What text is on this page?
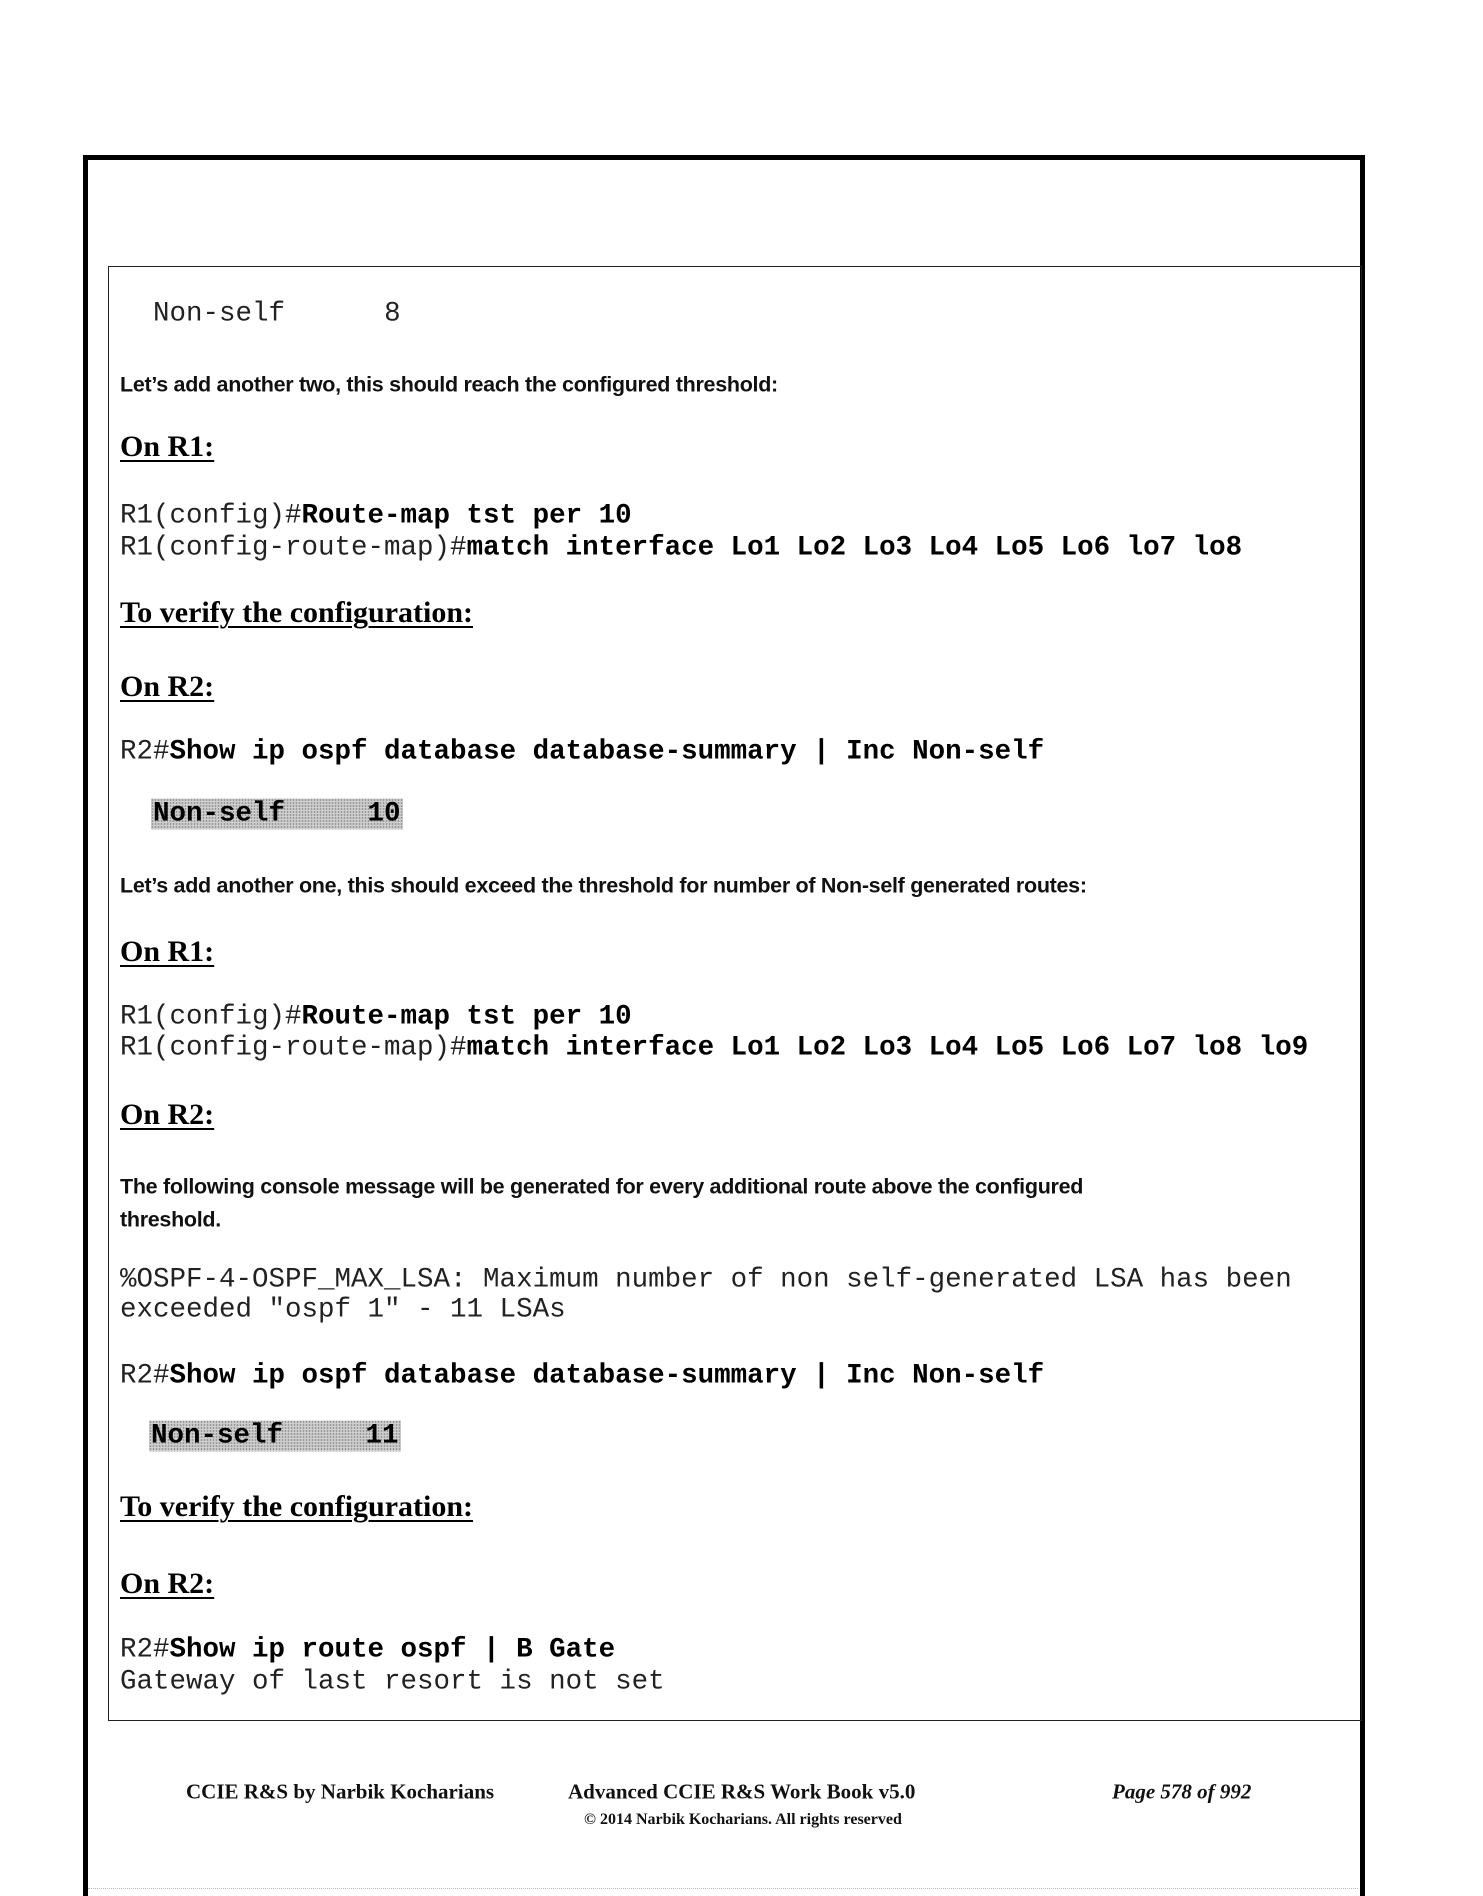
Non-self	8
Let’s add another two, this should reach the configured threshold:
On R1:
R1(config)#Route-map tst per 10
R1(config-route-map)#match interface Lo1 Lo2 Lo3 Lo4 Lo5 Lo6 lo7 lo8
To verify the configuration:
On R2:
R2#Show ip ospf database database-summary | Inc Non-self
Non-self	10
Let’s add another one, this should exceed the threshold for number of Non-self generated routes:
On R1:
R1(config)#Route-map tst per 10
R1(config-route-map)#match interface Lo1 Lo2 Lo3 Lo4 Lo5 Lo6 Lo7 lo8 lo9
On R2:
The following console message will be generated for every additional route above the configured
threshold.
%OSPF-4-OSPF_MAX_LSA: Maximum number of non self-generated LSA has been
exceeded "ospf 1" - 11 LSAs
R2#Show ip ospf database database-summary | Inc Non-self
Non-self	11
To verify the configuration:
On R2:
R2#Show ip route ospf | B Gate
Gateway of last resort is not set
CCIE R&S by Narbik Kocharians	Advanced CCIE R&S Work Book v5.0
© 2014 Narbik Kocharians. All rights reserved
Page 578 of 992
